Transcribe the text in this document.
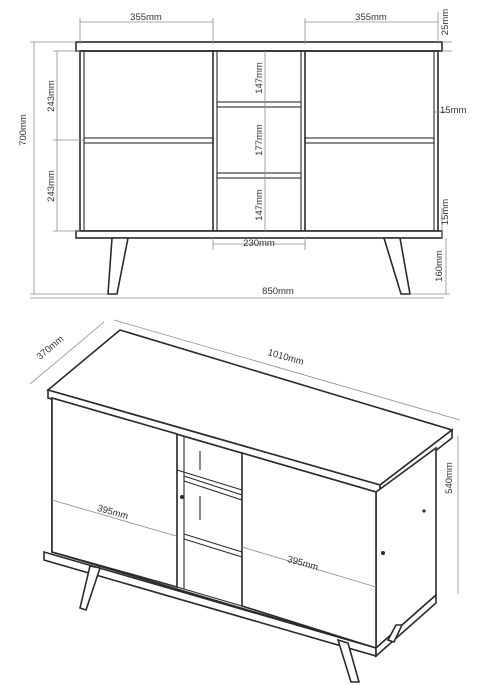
355mm	355mm	25mm
700mm
243mm
243mm
147mm
177mm
147mm
15mm
15mm
230mm
160mm
850mm
370mm	1010mm
540mm
395mm
395mm
